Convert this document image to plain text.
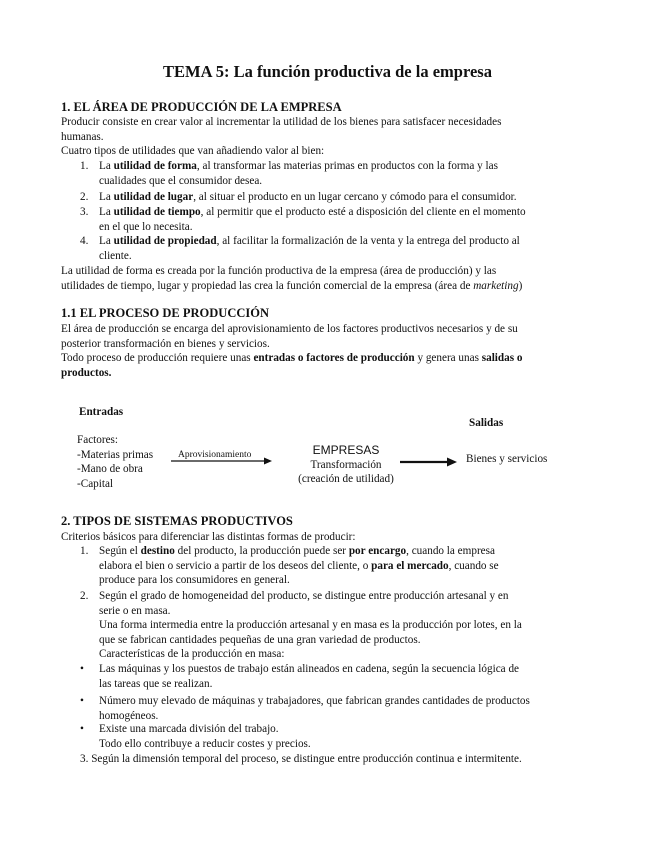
TEMA 5: La función productiva de la empresa
1. EL ÁREA DE PRODUCCIÓN DE LA EMPRESA
Producir consiste en crear valor al incrementar la utilidad de los bienes para satisfacer necesidades
humanas.
Cuatro tipos de utilidades que van añadiendo valor al bien:
1. La utilidad de forma, al transformar las materias primas en productos con la forma y las
cualidades que el consumidor desea.
2. La utilidad de lugar, al situar el producto en un lugar cercano y cómodo para el consumidor.
3. La utilidad de tiempo, al permitir que el producto esté a disposición del cliente en el momento
en el que lo necesita.
4. La utilidad de propiedad, al facilitar la formalización de la venta y la entrega del producto al
cliente.
La utilidad de forma es creada por la función productiva de la empresa (área de producción) y las
utilidades de tiempo, lugar y propiedad las crea la función comercial de la empresa (área de marketing)
1.1 EL PROCESO DE PRODUCCIÓN
El área de producción se encarga del aprovisionamiento de los factores productivos necesarios y de su
posterior transformación en bienes y servicios.
Todo proceso de producción requiere unas entradas o factores de producción y genera unas salidas o
productos.
Entradas
Salidas
Factores:
-Materias primas
-Mano de obra
-Capital
Aprovisionamiento	EMPRESAS
Transformación
(creación de utilidad)
Bienes y servicios
2. TIPOS DE SISTEMAS PRODUCTIVOS
Criterios básicos para diferenciar las distintas formas de producir:
1. Según el destino del producto, la producción puede ser por encargo, cuando la empresa
elabora el bien o servicio a partir de los deseos del cliente, o para el mercado, cuando se
produce para los consumidores en general.
2. Según el grado de homogeneidad del producto, se distingue entre producción artesanal y en
serie o en masa.
Una forma intermedia entre la producción artesanal y en masa es la producción por lotes, en la
que se fabrican cantidades pequeñas de una gran variedad de productos.
Características de la producción en masa:
• Las máquinas y los puestos de trabajo están alineados en cadena, según la secuencia lógica de
las tareas que se realizan.
• Número muy elevado de máquinas y trabajadores, que fabrican grandes cantidades de productos
homogéneos.
• Existe una marcada división del trabajo.
Todo ello contribuye a reducir costes y precios.
3. Según la dimensión temporal del proceso, se distingue entre producción continua e intermitente.
